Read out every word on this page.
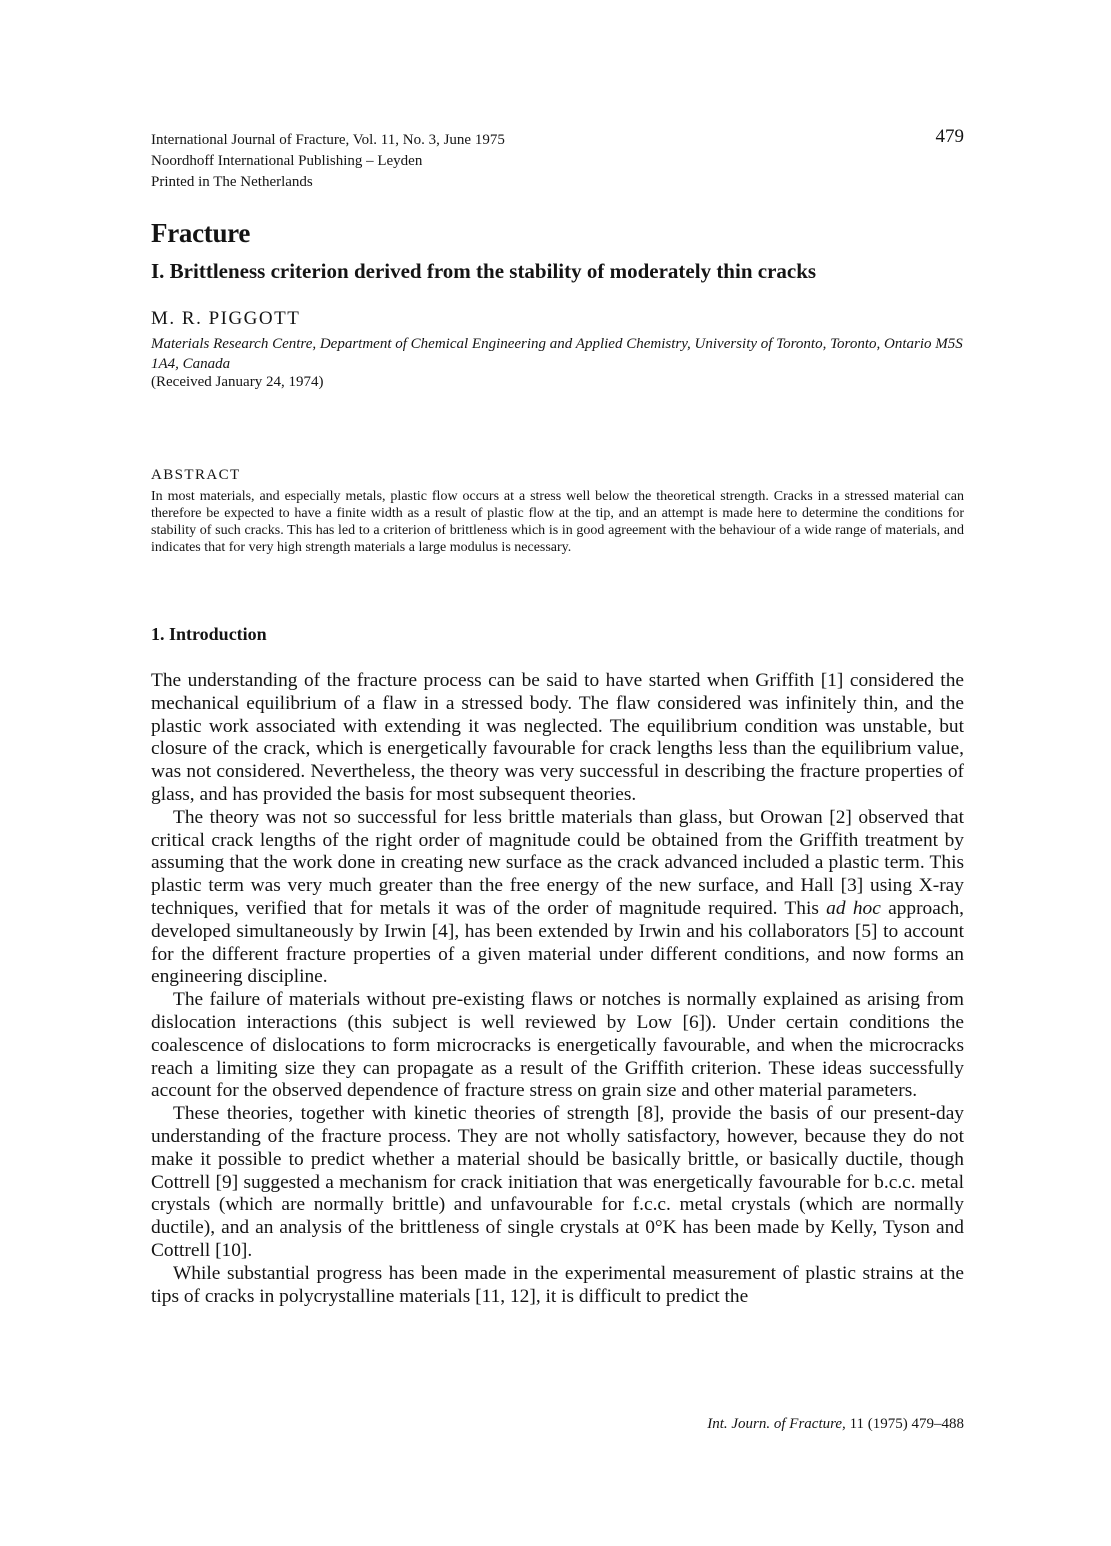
International Journal of Fracture, Vol. 11, No. 3, June 1975
Noordhoff International Publishing – Leyden
Printed in The Netherlands
479
Fracture
I. Brittleness criterion derived from the stability of moderately thin cracks
M. R. PIGGOTT
Materials Research Centre, Department of Chemical Engineering and Applied Chemistry, University of Toronto, Toronto, Ontario M5S 1A4, Canada
(Received January 24, 1974)
ABSTRACT
In most materials, and especially metals, plastic flow occurs at a stress well below the theoretical strength. Cracks in a stressed material can therefore be expected to have a finite width as a result of plastic flow at the tip, and an attempt is made here to determine the conditions for stability of such cracks. This has led to a criterion of brittleness which is in good agreement with the behaviour of a wide range of materials, and indicates that for very high strength materials a large modulus is necessary.
1. Introduction

The understanding of the fracture process can be said to have started when Griffith [1] considered the mechanical equilibrium of a flaw in a stressed body. The flaw considered was infinitely thin, and the plastic work associated with extending it was neglected. The equilibrium condition was unstable, but closure of the crack, which is energetically favourable for crack lengths less than the equilibrium value, was not considered. Nevertheless, the theory was very successful in describing the fracture properties of glass, and has provided the basis for most subsequent theories.

The theory was not so successful for less brittle materials than glass, but Orowan [2] observed that critical crack lengths of the right order of magnitude could be obtained from the Griffith treatment by assuming that the work done in creating new surface as the crack advanced included a plastic term. This plastic term was very much greater than the free energy of the new surface, and Hall [3] using X-ray techniques, verified that for metals it was of the order of magnitude required. This ad hoc approach, developed simultaneously by Irwin [4], has been extended by Irwin and his collaborators [5] to account for the different fracture properties of a given material under different conditions, and now forms an engineering discipline.

The failure of materials without pre-existing flaws or notches is normally explained as arising from dislocation interactions (this subject is well reviewed by Low [6]). Under certain conditions the coalescence of dislocations to form microcracks is energetically favourable, and when the microcracks reach a limiting size they can propagate as a result of the Griffith criterion. These ideas successfully account for the observed dependence of fracture stress on grain size and other material parameters.

These theories, together with kinetic theories of strength [8], provide the basis of our present-day understanding of the fracture process. They are not wholly satisfactory, however, because they do not make it possible to predict whether a material should be basically brittle, or basically ductile, though Cottrell [9] suggested a mechanism for crack initiation that was energetically favourable for b.c.c. metal crystals (which are normally brittle) and unfavourable for f.c.c. metal crystals (which are normally ductile), and an analysis of the brittleness of single crystals at 0°K has been made by Kelly, Tyson and Cottrell [10].

While substantial progress has been made in the experimental measurement of plastic strains at the tips of cracks in polycrystalline materials [11, 12], it is difficult to predict the

Int. Journ. of Fracture, 11 (1975) 479–488
